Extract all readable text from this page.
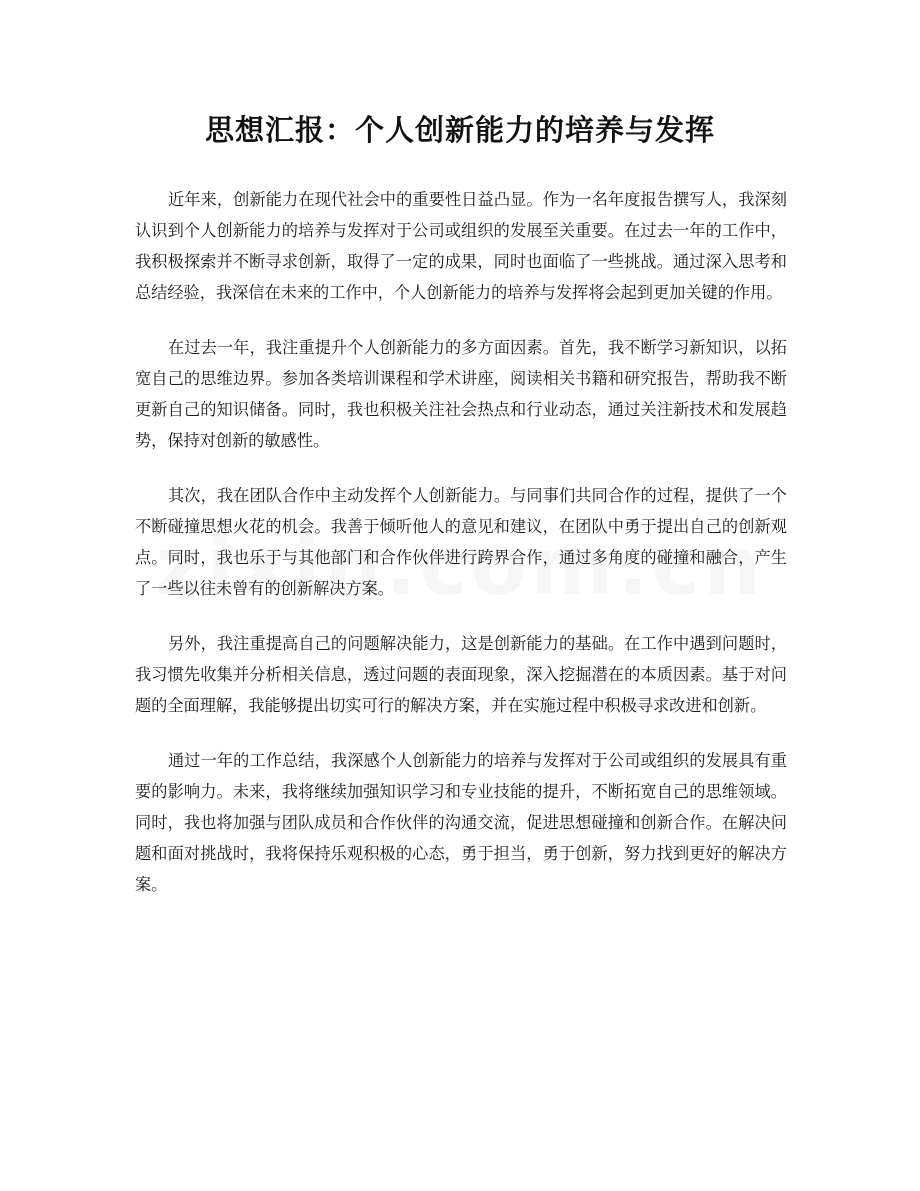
思想汇报：个人创新能力的培养与发挥

近年来，创新能力在现代社会中的重要性日益凸显。作为一名年度报告撰写人，我深刻认识到个人创新能力的培养与发挥对于公司或组织的发展至关重要。在过去一年的工作中，我积极探索并不断寻求创新，取得了一定的成果，同时也面临了一些挑战。通过深入思考和总结经验，我深信在未来的工作中，个人创新能力的培养与发挥将会起到更加关键的作用。

在过去一年，我注重提升个人创新能力的多方面因素。首先，我不断学习新知识，以拓宽自己的思维边界。参加各类培训课程和学术讲座，阅读相关书籍和研究报告，帮助我不断更新自己的知识储备。同时，我也积极关注社会热点和行业动态，通过关注新技术和发展趋势，保持对创新的敏感性。

其次，我在团队合作中主动发挥个人创新能力。与同事们共同合作的过程，提供了一个不断碰撞思想火花的机会。我善于倾听他人的意见和建议，在团队中勇于提出自己的创新观点。同时，我也乐于与其他部门和合作伙伴进行跨界合作，通过多角度的碰撞和融合，产生了一些以往未曾有的创新解决方案。

另外，我注重提高自己的问题解决能力，这是创新能力的基础。在工作中遇到问题时，我习惯先收集并分析相关信息，透过问题的表面现象，深入挖掘潜在的本质因素。基于对问题的全面理解，我能够提出切实可行的解决方案，并在实施过程中积极寻求改进和创新。

通过一年的工作总结，我深感个人创新能力的培养与发挥对于公司或组织的发展具有重要的影响力。未来，我将继续加强知识学习和专业技能的提升，不断拓宽自己的思维领域。同时，我也将加强与团队成员和合作伙伴的沟通交流，促进思想碰撞和创新合作。在解决问题和面对挑战时，我将保持乐观积极的心态，勇于担当，勇于创新，努力找到更好的解决方案。
